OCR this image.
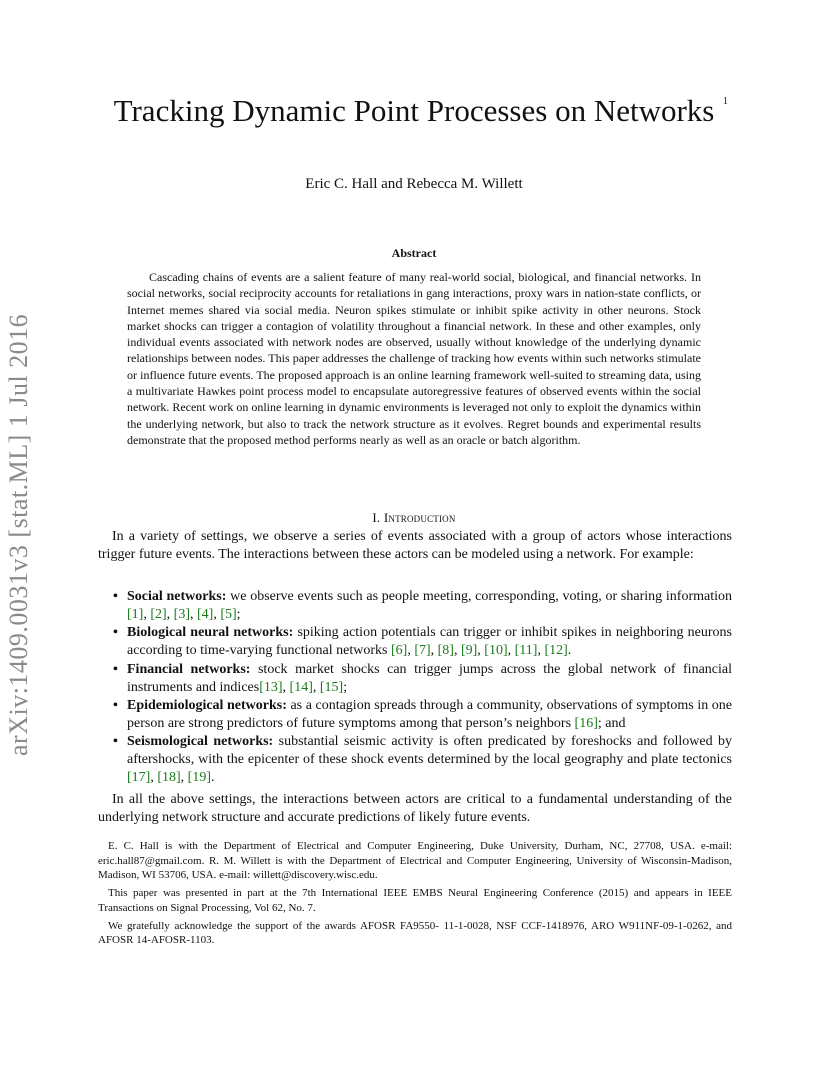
1
arXiv:1409.0031v3 [stat.ML] 1 Jul 2016
Tracking Dynamic Point Processes on Networks
Eric C. Hall and Rebecca M. Willett
Abstract
Cascading chains of events are a salient feature of many real-world social, biological, and financial networks. In social networks, social reciprocity accounts for retaliations in gang interactions, proxy wars in nation-state conflicts, or Internet memes shared via social media. Neuron spikes stimulate or inhibit spike activity in other neurons. Stock market shocks can trigger a contagion of volatility throughout a financial network. In these and other examples, only individual events associated with network nodes are observed, usually without knowledge of the underlying dynamic relationships between nodes. This paper addresses the challenge of tracking how events within such networks stimulate or influence future events. The proposed approach is an online learning framework well-suited to streaming data, using a multivariate Hawkes point process model to encapsulate autoregressive features of observed events within the social network. Recent work on online learning in dynamic environments is leveraged not only to exploit the dynamics within the underlying network, but also to track the network structure as it evolves. Regret bounds and experimental results demonstrate that the proposed method performs nearly as well as an oracle or batch algorithm.
I. Introduction

In a variety of settings, we observe a series of events associated with a group of actors whose interactions trigger future events. The interactions between these actors can be modeled using a network. For example:

• Social networks: we observe events such as people meeting, corresponding, voting, or sharing information [1], [2], [3], [4], [5];
• Biological neural networks: spiking action potentials can trigger or inhibit spikes in neighboring neurons according to time-varying functional networks [6], [7], [8], [9], [10], [11], [12].
• Financial networks: stock market shocks can trigger jumps across the global network of financial instruments and indices[13], [14], [15];
• Epidemiological networks: as a contagion spreads through a community, observations of symptoms in one person are strong predictors of future symptoms among that person’s neighbors [16]; and
• Seismological networks: substantial seismic activity is often predicated by foreshocks and followed by aftershocks, with the epicenter of these shock events determined by the local geography and plate tectonics [17], [18], [19].

In all the above settings, the interactions between actors are critical to a fundamental understanding of the underlying network structure and accurate predictions of likely future events.

E. C. Hall is with the Department of Electrical and Computer Engineering, Duke University, Durham, NC, 27708, USA. e-mail: eric.hall87@gmail.com. R. M. Willett is with the Department of Electrical and Computer Engineering, University of Wisconsin-Madison, Madison, WI 53706, USA. e-mail: willett@discovery.wisc.edu.

This paper was presented in part at the 7th International IEEE EMBS Neural Engineering Conference (2015) and appears in IEEE Transactions on Signal Processing, Vol 62, No. 7.

We gratefully acknowledge the support of the awards AFOSR FA9550- 11-1-0028, NSF CCF-1418976, ARO W911NF-09-1-0262, and AFOSR 14-AFOSR-1103.
